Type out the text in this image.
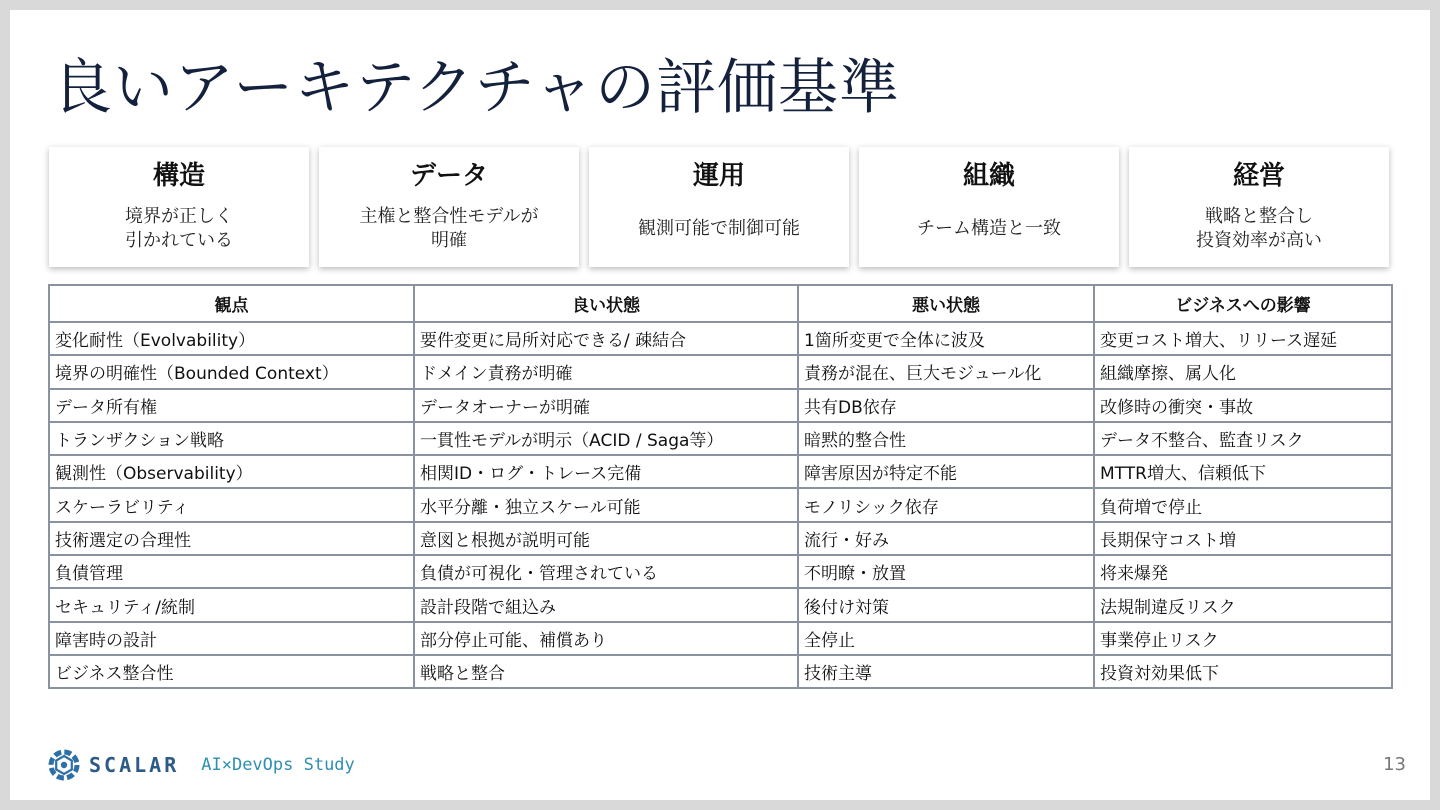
良いアーキテクチャの評価基準
構造
境界が正しく
引かれている
データ
主権と整合性モデルが
明確
運用
観測可能で制御可能
組織
チーム構造と一致
経営
戦略と整合し
投資効率が高い
観点	良い状態	悪い状態	ビジネスへの影響
変化耐性（Evolvability）	要件変更に局所対応できる/ 疎結合	1箇所変更で全体に波及	変更コスト増大、リリース遅延
境界の明確性（Bounded Context）	ドメイン責務が明確	責務が混在、巨大モジュール化	組織摩擦、属人化
データ所有権	データオーナーが明確	共有DB依存	改修時の衝突・事故
トランザクション戦略	一貫性モデルが明示（ACID / Saga等）	暗黙的整合性	データ不整合、監査リスク
観測性（Observability）	相関ID・ログ・トレース完備	障害原因が特定不能	MTTR増大、信頼低下
スケーラビリティ	水平分離・独立スケール可能	モノリシック依存	負荷増で停止
技術選定の合理性	意図と根拠が説明可能	流行・好み	長期保守コスト増
負債管理	負債が可視化・管理されている	不明瞭・放置	将来爆発
セキュリティ/統制	設計段階で組込み	後付け対策	法規制違反リスク
障害時の設計	部分停止可能、補償あり	全停止	事業停止リスク
ビジネス整合性	戦略と整合	技術主導	投資対効果低下
SCALAR AI×DevOps Study	13
